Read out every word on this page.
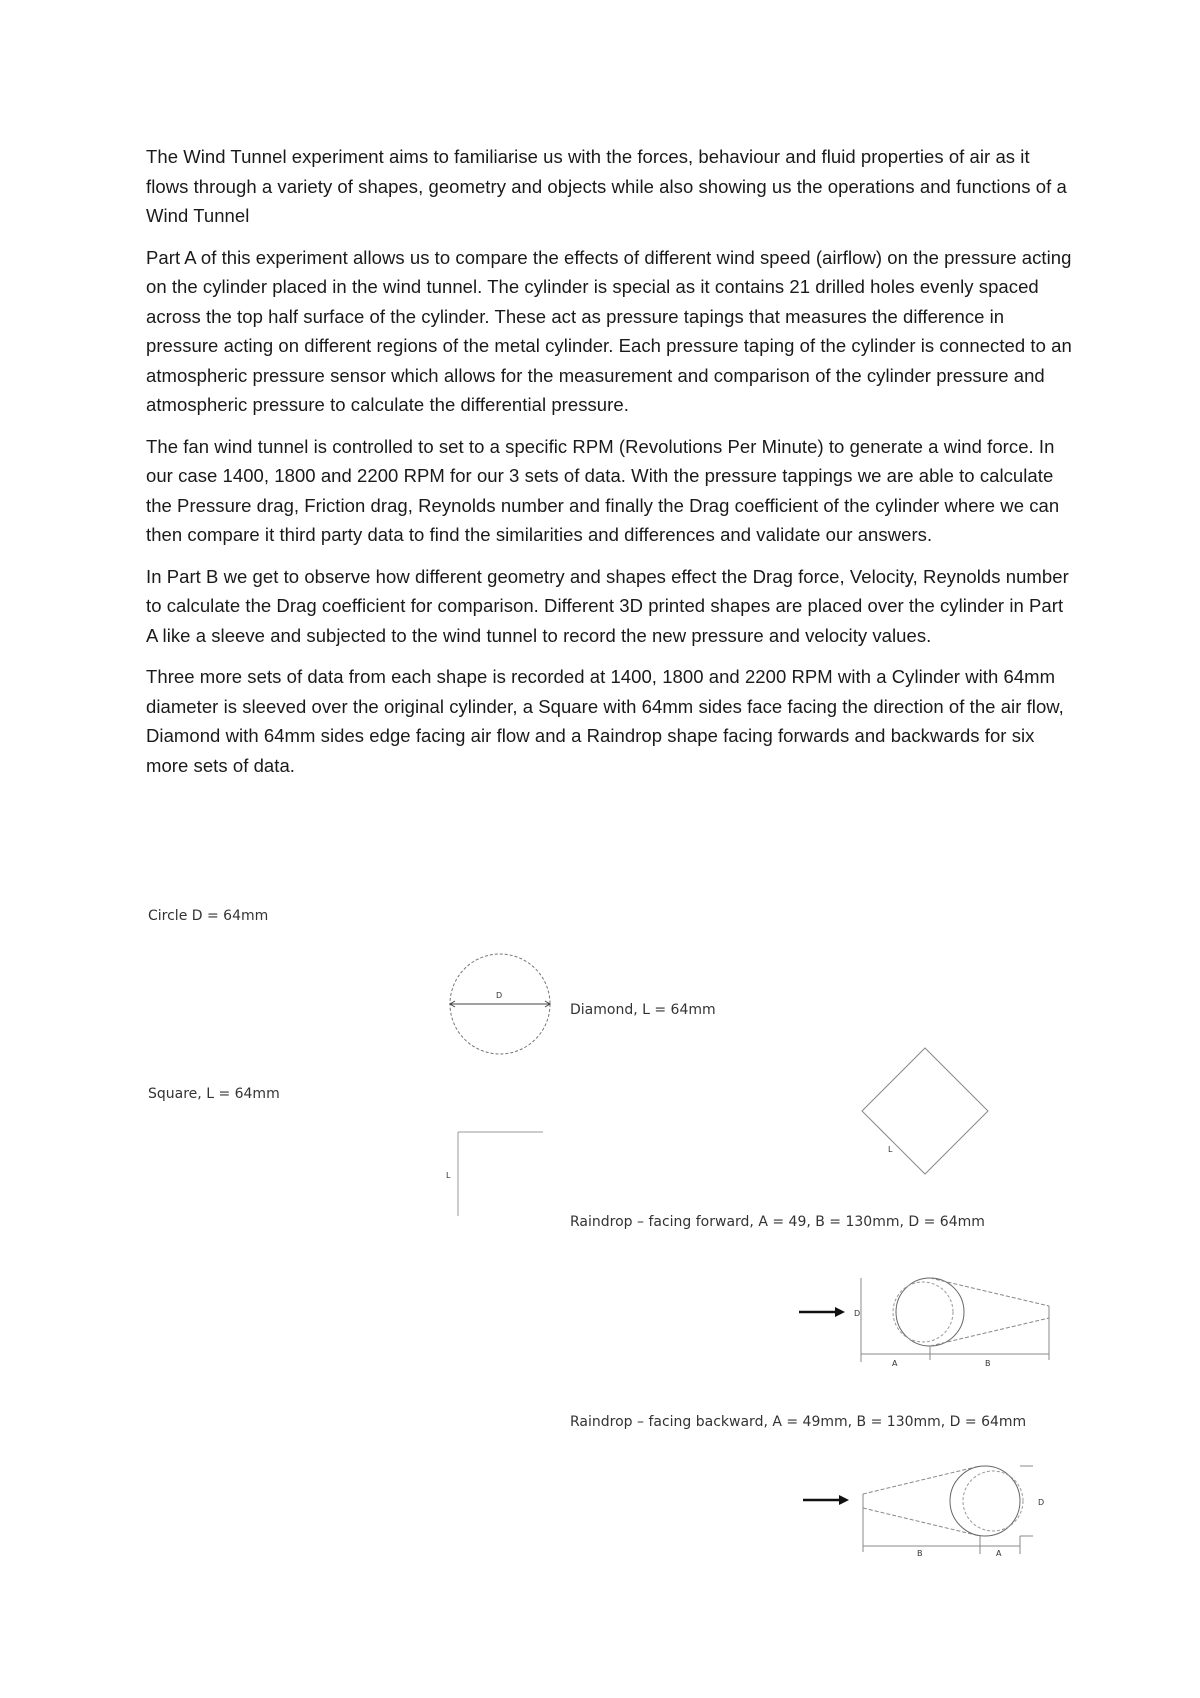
The Wind Tunnel experiment aims to familiarise us with the forces, behaviour and fluid properties of air as it flows through a variety of shapes, geometry and objects while also showing us the operations and functions of a Wind Tunnel

Part A of this experiment allows us to compare the effects of different wind speed (airflow) on the pressure acting on the cylinder placed in the wind tunnel. The cylinder is special as it contains 21 drilled holes evenly spaced across the top half surface of the cylinder. These act as pressure tapings that measures the difference in pressure acting on different regions of the metal cylinder. Each pressure taping of the cylinder is connected to an atmospheric pressure sensor which allows for the measurement and comparison of the cylinder pressure and atmospheric pressure to calculate the differential pressure.

The fan wind tunnel is controlled to set to a specific RPM (Revolutions Per Minute) to generate a wind force. In our case 1400, 1800 and 2200 RPM for our 3 sets of data. With the pressure tappings we are able to calculate the Pressure drag, Friction drag, Reynolds number and finally the Drag coefficient of the cylinder where we can then compare it third party data to find the similarities and differences and validate our answers.

In Part B we get to observe how different geometry and shapes effect the Drag force, Velocity, Reynolds number to calculate the Drag coefficient for comparison. Different 3D printed shapes are placed over the cylinder in Part A like a sleeve and subjected to the wind tunnel to record the new pressure and velocity values.

Three more sets of data from each shape is recorded at 1400, 1800 and 2200 RPM with a Cylinder with 64mm diameter is sleeved over the original cylinder, a Square with 64mm sides face facing the direction of the air flow, Diamond with 64mm sides edge facing air flow and a Raindrop shape facing forwards and backwards for six more sets of data.

Circle D = 64mm
D
Diamond, L = 64mm
L
Square, L = 64mm
L
Raindrop – facing forward, A = 49, B = 130mm, D = 64mm
D
A	B
Raindrop – facing backward, A = 49mm, B = 130mm, D = 64mm
D
B	A
